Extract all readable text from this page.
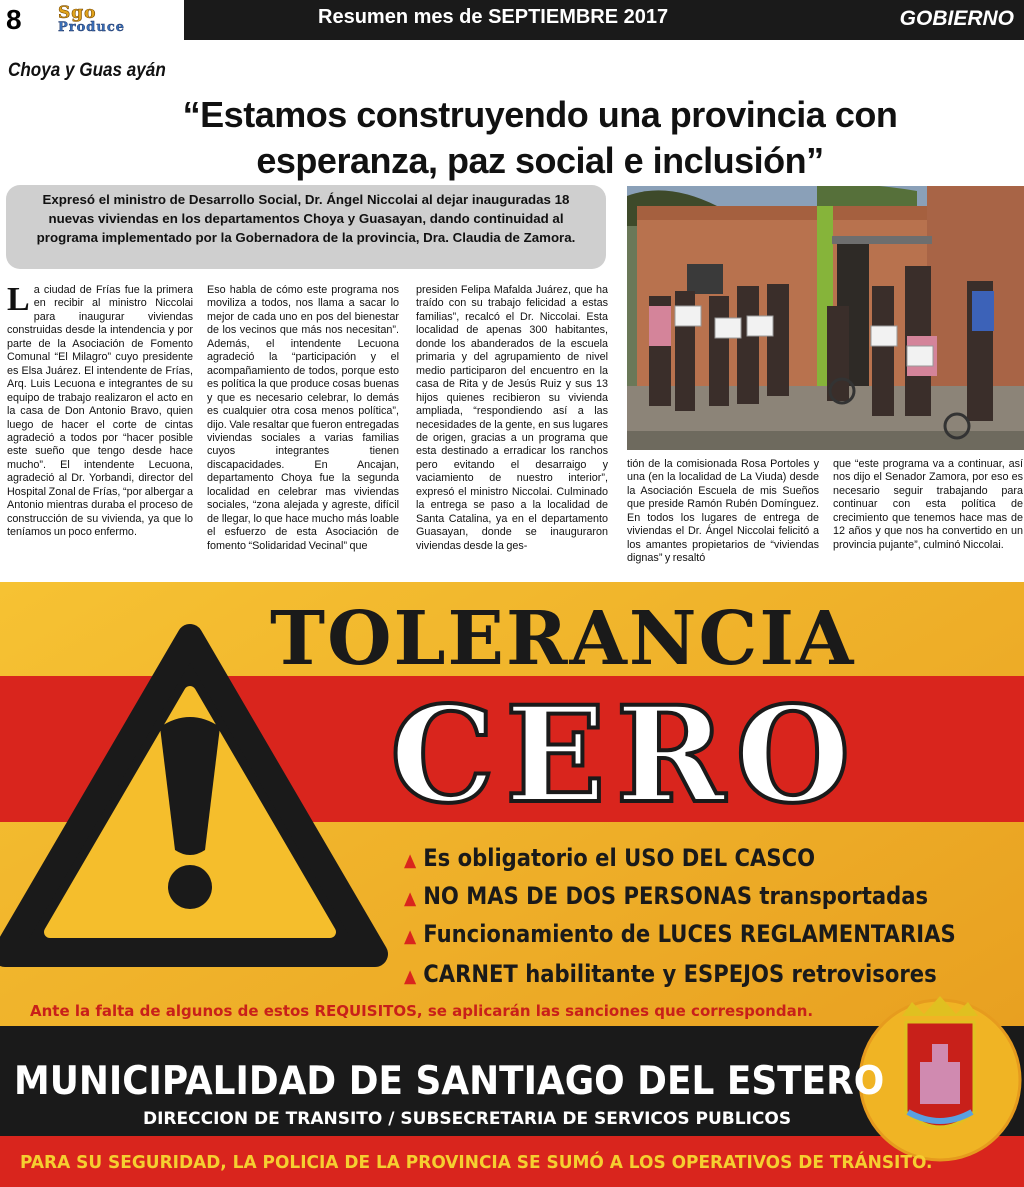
8 Sgo
Produce	Resumen mes de SEPTIEMBRE 2017	GOBIERNO
Choya y Guas ayán
“Estamos construyendo una provincia con esperanza, paz social e inclusión”
Expresó el ministro de Desarrollo Social, Dr. Ángel Niccolai al dejar inauguradas 18 nuevas viviendas en los departamentos Choya y Guasayan, dando continuidad al programa implementado por la Gobernadora de la provincia, Dra. Claudia de Zamora.
La ciudad de Frías fue la primera en recibir al ministro Niccolai para inaugurar viviendas construidas desde la intendencia y por parte de la Asociación de Fomento Comunal “El Milagro” cuyo presidente es Elsa Juárez. El intendente de Frías, Arq. Luis Lecuona e integrantes de su equipo de trabajo realizaron el acto en la casa de Don Antonio Bravo, quien luego de hacer el corte de cintas agradeció a todos por “hacer posible este sueño que tengo desde hace mucho”. El intendente Lecuona, agradeció al Dr. Yorbandi, director del Hospital Zonal de Frías, “por albergar a Antonio mientras duraba el proceso de construcción de su vivienda, ya que lo teníamos un poco enfermo.
Eso habla de cómo este programa nos moviliza a todos, nos llama a sacar lo mejor de cada uno en pos del bienestar de los vecinos que más nos necesitan”. Además, el intendente Lecuona agradeció la “participación y el acompañamiento de todos, porque esto es política la que produce cosas buenas y que es necesario celebrar, lo demás es cualquier otra cosa menos política”, dijo. Vale resaltar que fueron entregadas viviendas sociales a varias familias cuyos integrantes tienen discapacidades. En Ancajan, departamento Choya fue la segunda localidad en celebrar mas viviendas sociales, “zona alejada y agreste, difícil de llegar, lo que hace mucho más loable el esfuerzo de esta Asociación de fomento “Solidaridad Vecinal” que
presiden Felipa Mafalda Juárez, que ha traído con su trabajo felicidad a estas familias”, recalcó el Dr. Niccolai. Esta localidad de apenas 300 habitantes, donde los abanderados de la escuela primaria y del agrupamiento de nivel medio participaron del encuentro en la casa de Rita y de Jesús Ruiz y sus 13 hijos quienes recibieron su vivienda ampliada, “respondiendo así a las necesidades de la gente, en sus lugares de origen, gracias a un programa que esta destinado a erradicar los ranchos pero evitando el desarraigo y vaciamiento de nuestro interior”, expresó el ministro Niccolai. Culminado la entrega se paso a la localidad de Santa Catalina, ya en el departamento Guasayan, donde se inauguraron viviendas desde la ges-
tión de la comisionada Rosa Portoles y una (en la localidad de La Viuda) desde la Asociación Escuela de mis Sueños que preside Ramón Rubén Domínguez. En todos los lugares de entrega de viviendas el Dr. Ángel Niccolai felicitó a los amantes propietarios de “viviendas dignas” y resaltó
que “este programa va a continuar, así nos dijo el Senador Zamora, por eso es necesario seguir trabajando para continuar con esta política de crecimiento que tenemos hace mas de 12 años y que nos ha convertido en un provincia pujante”, culminó Niccolai.
TOLERANCIA
CERO
▲ Es obligatorio el USO DEL CASCO
▲ NO MAS DE DOS PERSONAS transportadas
▲ Funcionamiento de LUCES REGLAMENTARIAS
▲ CARNET habilitante y ESPEJOS retrovisores
Ante la falta de algunos de estos REQUISITOS, se aplicarán las sanciones que correspondan.
MUNICIPALIDAD DE SANTIAGO DEL ESTERO
DIRECCION DE TRANSITO / SUBSECRETARIA DE SERVICOS PUBLICOS
PARA SU SEGURIDAD, LA POLICIA DE LA PROVINCIA SE SUMÓ A LOS OPERATIVOS DE TRÁNSITO.
